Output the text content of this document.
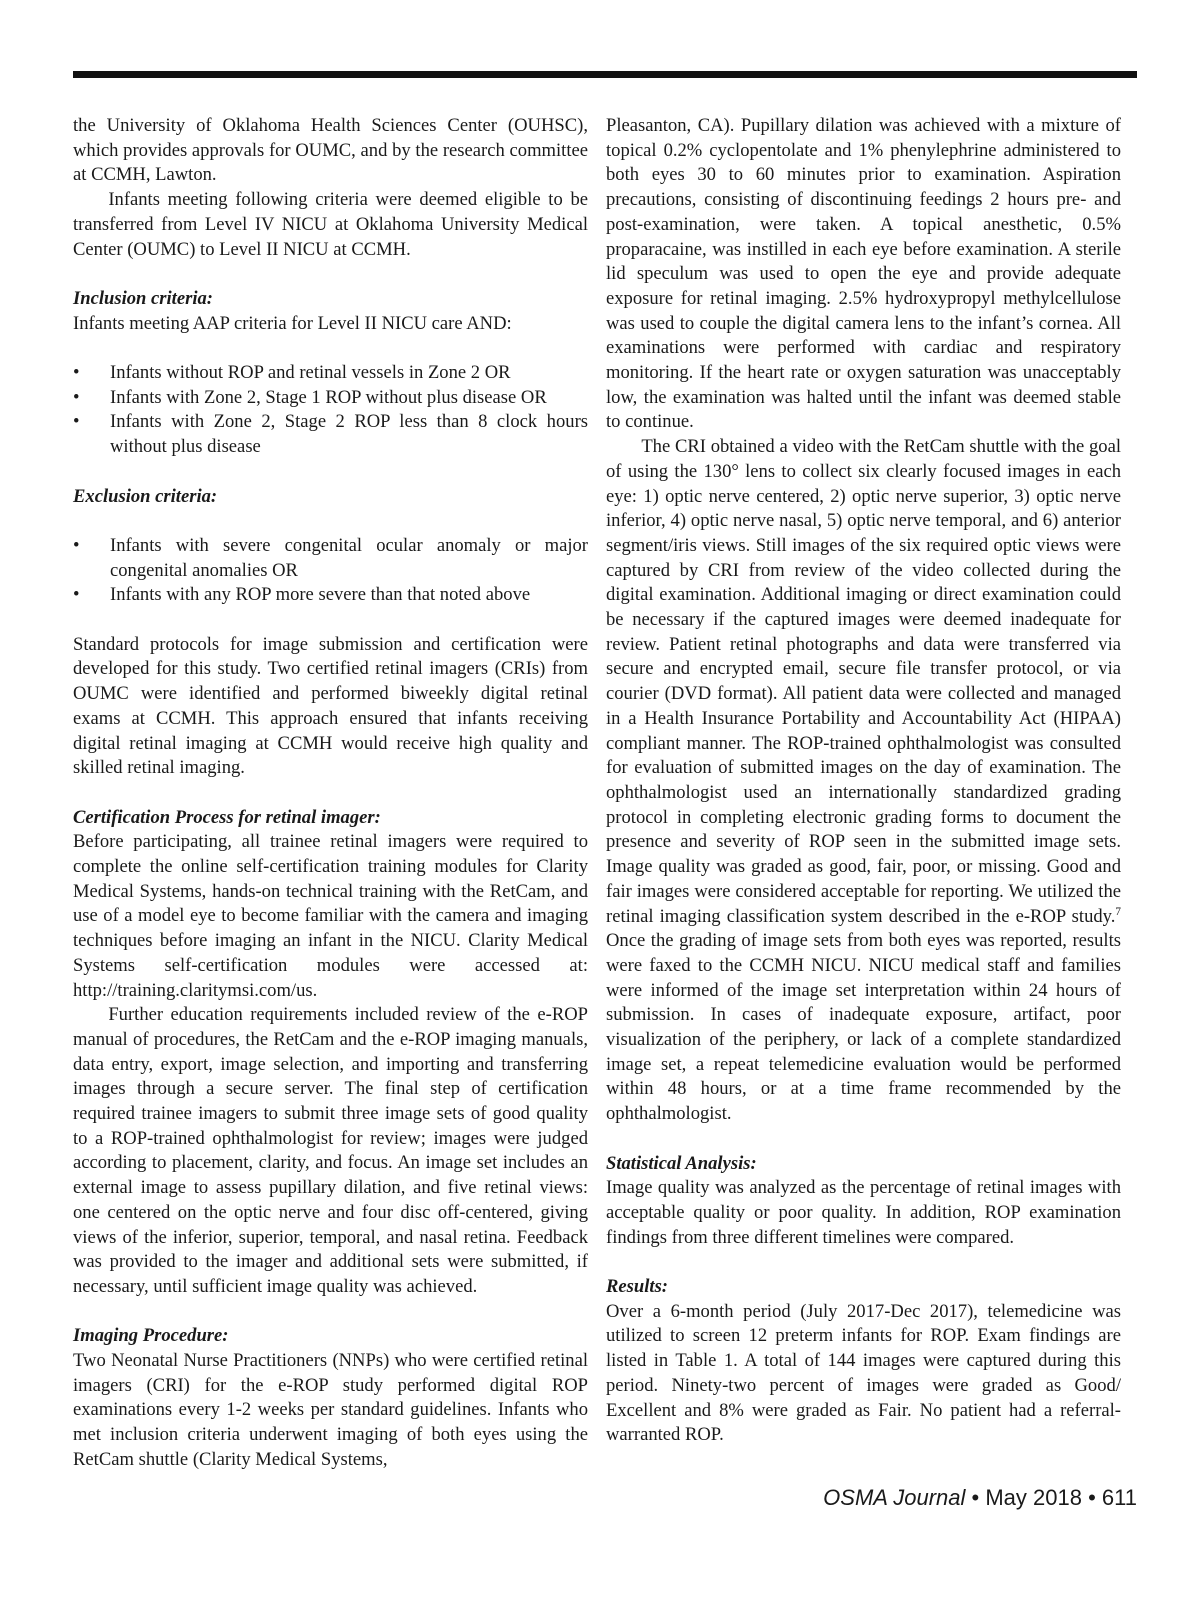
the University of Oklahoma Health Sciences Center (OUHSC), which provides approvals for OUMC, and by the research committee at CCMH, Lawton.

Infants meeting following criteria were deemed eligible to be transferred from Level IV NICU at Oklahoma University Medical Center (OUMC) to Level II NICU at CCMH.

Inclusion criteria:

Infants meeting AAP criteria for Level II NICU care AND:

• Infants without ROP and retinal vessels in Zone 2 OR
• Infants with Zone 2, Stage 1 ROP without plus disease OR
• Infants with Zone 2, Stage 2 ROP less than 8 clock hours without plus disease

Exclusion criteria:

• Infants with severe congenital ocular anomaly or major congenital anomalies OR
• Infants with any ROP more severe than that noted above

Standard protocols for image submission and certification were developed for this study. Two certified retinal imagers (CRIs) from OUMC were identified and performed biweekly digital retinal exams at CCMH. This approach ensured that infants receiving digital retinal imaging at CCMH would receive high quality and skilled retinal imaging.

Certification Process for retinal imager:

Before participating, all trainee retinal imagers were required to complete the online self-certification training modules for Clarity Medical Systems, hands-on technical training with the RetCam, and use of a model eye to become familiar with the camera and imaging techniques before imaging an infant in the NICU. Clarity Medical Systems self-certification modules were accessed at: http://training.claritymsi.com/us.

Further education requirements included review of the e-ROP manual of procedures, the RetCam and the e-ROP imaging manuals, data entry, export, image selection, and importing and transferring images through a secure server. The final step of certification required trainee imagers to submit three image sets of good quality to a ROP-trained ophthalmologist for review; images were judged according to placement, clarity, and focus. An image set includes an external image to assess pupillary dilation, and five retinal views: one centered on the optic nerve and four disc off-centered, giving views of the inferior, superior, temporal, and nasal retina. Feedback was provided to the imager and additional sets were submitted, if necessary, until sufficient image quality was achieved.

Imaging Procedure:

Two Neonatal Nurse Practitioners (NNPs) who were certified retinal imagers (CRI) for the e-ROP study performed digital ROP examinations every 1-2 weeks per standard guidelines. Infants who met inclusion criteria underwent imaging of both eyes using the RetCam shuttle (Clarity Medical Systems,

Pleasanton, CA). Pupillary dilation was achieved with a mixture of topical 0.2% cyclopentolate and 1% phenylephrine administered to both eyes 30 to 60 minutes prior to examination. Aspiration precautions, consisting of discontinuing feedings 2 hours pre- and post-examination, were taken. A topical anesthetic, 0.5% proparacaine, was instilled in each eye before examination. A sterile lid speculum was used to open the eye and provide adequate exposure for retinal imaging. 2.5% hydroxypropyl methylcellulose was used to couple the digital camera lens to the infant’s cornea. All examinations were performed with cardiac and respiratory monitoring. If the heart rate or oxygen saturation was unacceptably low, the examination was halted until the infant was deemed stable to continue.

The CRI obtained a video with the RetCam shuttle with the goal of using the 130° lens to collect six clearly focused images in each eye: 1) optic nerve centered, 2) optic nerve superior, 3) optic nerve inferior, 4) optic nerve nasal, 5) optic nerve temporal, and 6) anterior segment/iris views. Still images of the six required optic views were captured by CRI from review of the video collected during the digital examination. Additional imaging or direct examination could be necessary if the captured images were deemed inadequate for review. Patient retinal photographs and data were transferred via secure and encrypted email, secure file transfer protocol, or via courier (DVD format). All patient data were collected and managed in a Health Insurance Portability and Accountability Act (HIPAA) compliant manner. The ROP-trained ophthalmologist was consulted for evaluation of submitted images on the day of examination. The ophthalmologist used an internationally standardized grading protocol in completing electronic grading forms to document the presence and severity of ROP seen in the submitted image sets. Image quality was graded as good, fair, poor, or missing. Good and fair images were considered acceptable for reporting. We utilized the retinal imaging classification system described in the e-ROP study.$^7$ Once the grading of image sets from both eyes was reported, results were faxed to the CCMH NICU. NICU medical staff and families were informed of the image set interpretation within 24 hours of submission. In cases of inadequate exposure, artifact, poor visualization of the periphery, or lack of a complete standardized image set, a repeat telemedicine evaluation would be performed within 48 hours, or at a time frame recommended by the ophthalmologist.

Statistical Analysis:

Image quality was analyzed as the percentage of retinal images with acceptable quality or poor quality. In addition, ROP examination findings from three different timelines were compared.

Results:

Over a 6-month period (July 2017-Dec 2017), telemedicine was utilized to screen 12 preterm infants for ROP. Exam findings are listed in Table 1. A total of 144 images were captured during this period. Ninety-two percent of images were graded as Good/ Excellent and 8% were graded as Fair. No patient had a referral-warranted ROP.

OSMA Journal • May 2018 • 611
